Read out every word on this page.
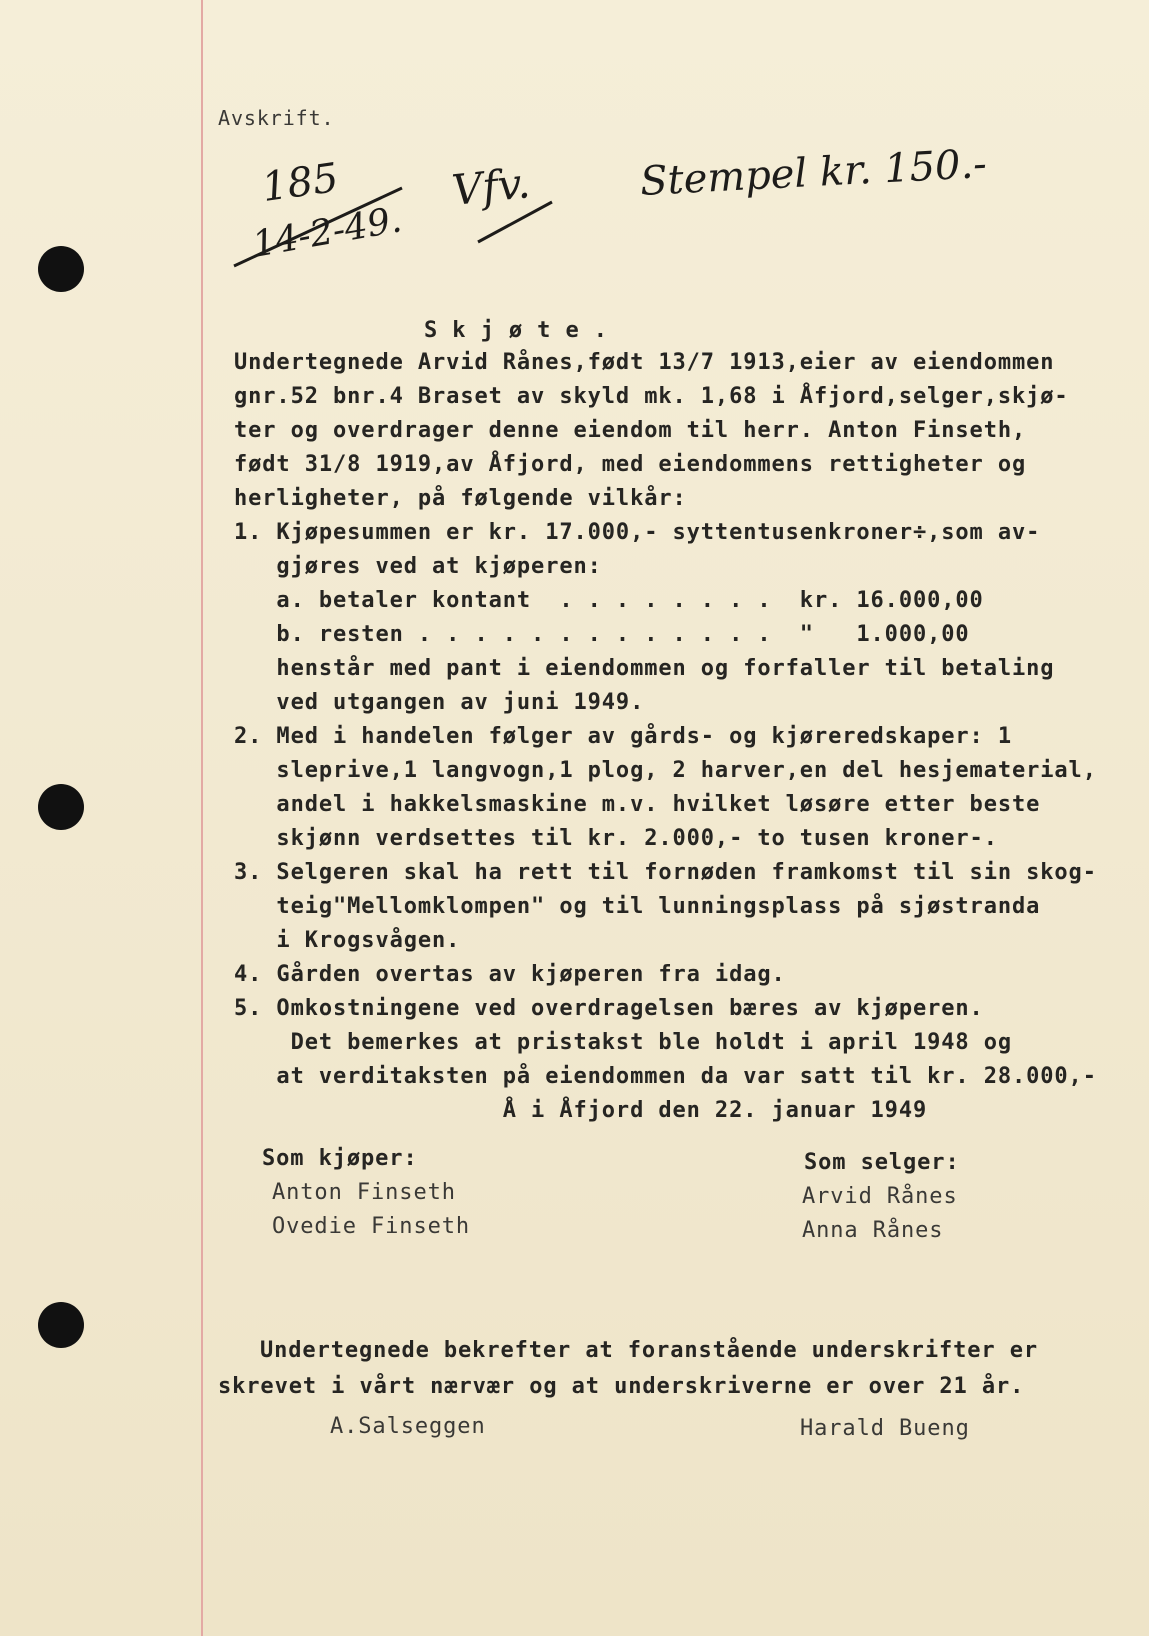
Avskrift.
185
14-2-49.
Vfv.	Stempel kr. 150.-
S k j ø t e .
Undertegnede Arvid Rånes,født 13/7 1913,eier av eiendommen
gnr.52 bnr.4 Braset av skyld mk. 1,68 i Åfjord,selger,skjø-
ter og overdrager denne eiendom til herr. Anton Finseth,
født 31/8 1919,av Åfjord, med eiendommens rettigheter og
herligheter, på følgende vilkår:
1. Kjøpesummen er kr. 17.000,- syttentusenkroner÷,som av-
gjøres ved at kjøperen:
a. betaler kontant  . . . . . . . .  kr. 16.000,00
b. resten . . . . . . . . . . . . .  "   1.000,00
henstår med pant i eiendommen og forfaller til betaling
ved utgangen av juni 1949.
2. Med i handelen følger av gårds- og kjøreredskaper: 1
sleprive,1 langvogn,1 plog, 2 harver,en del hesjematerial,
andel i hakkelsmaskine m.v. hvilket løsøre etter beste
skjønn verdsettes til kr. 2.000,- to tusen kroner-.
3. Selgeren skal ha rett til fornøden framkomst til sin skog-
teig"Mellomklompen" og til lunningsplass på sjøstranda
i Krogsvågen.
4. Gården overtas av kjøperen fra idag.
5. Omkostningene ved overdragelsen bæres av kjøperen.
Det bemerkes at pristakst ble holdt i april 1948 og
at verditaksten på eiendommen da var satt til kr. 28.000,-
Å i Åfjord den 22. januar 1949
Som kjøper:
Anton Finseth
Ovedie Finseth
Som selger:
Arvid Rånes
Anna Rånes
Undertegnede bekrefter at foranstående underskrifter er
skrevet i vårt nærvær og at underskriverne er over 21 år.
A.Salseggen	Harald Bueng
